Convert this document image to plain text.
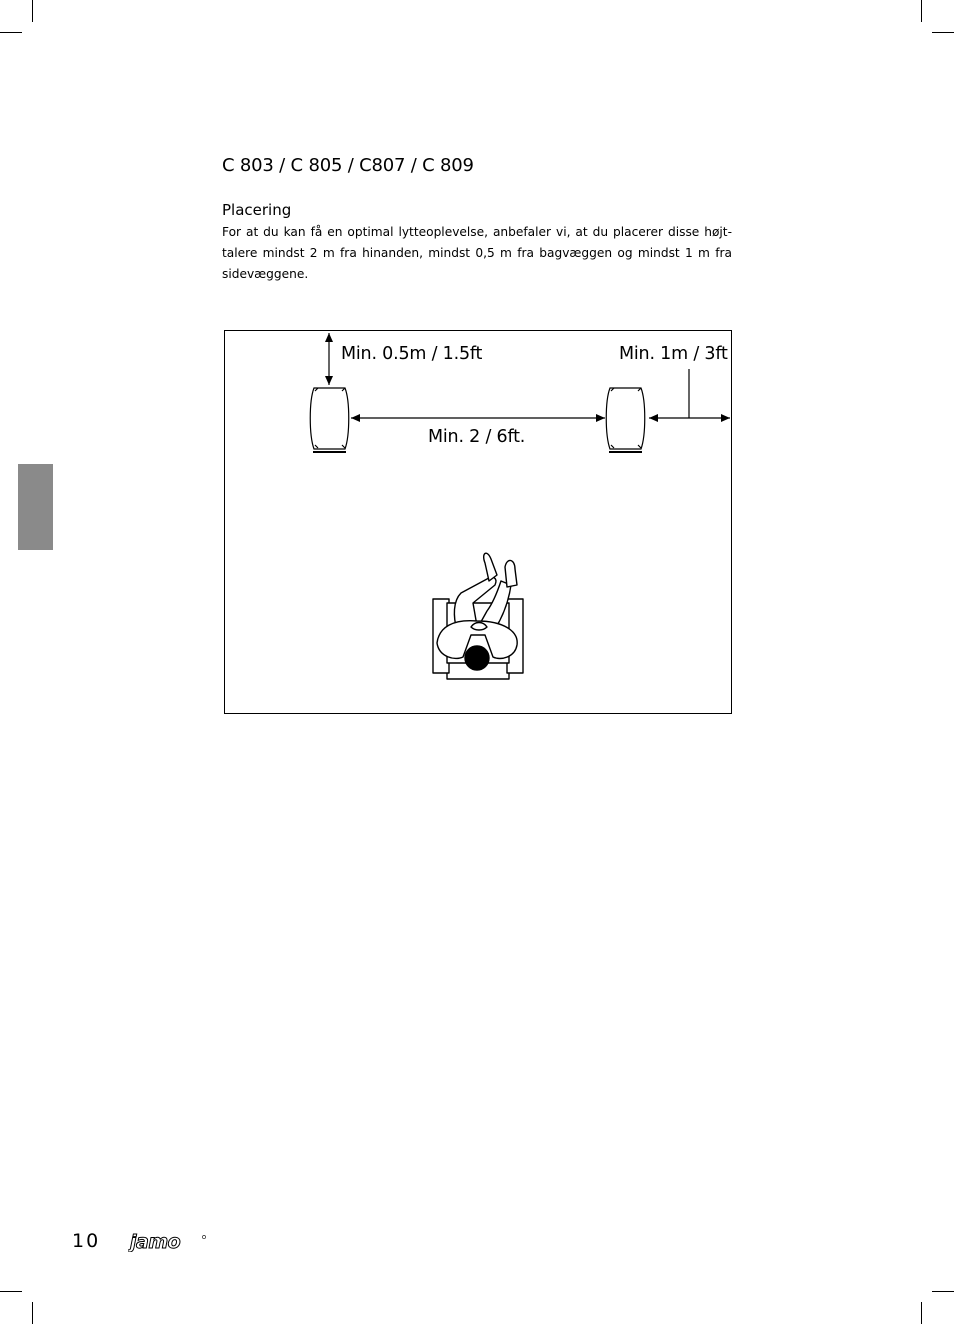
C 803 / C 805 / C807 / C 809
Placering
For at du kan få en optimal lytteoplevelse, anbefaler vi, at du placerer disse højt-talere mindst 2 m fra hinanden, mindst 0,5 m fra bagvæggen og mindst 1 m fra sidevæggene.
Min. 0.5m / 1.5ft	Min. 1m / 3ft
Min. 2 / 6ft.
10 jamo
